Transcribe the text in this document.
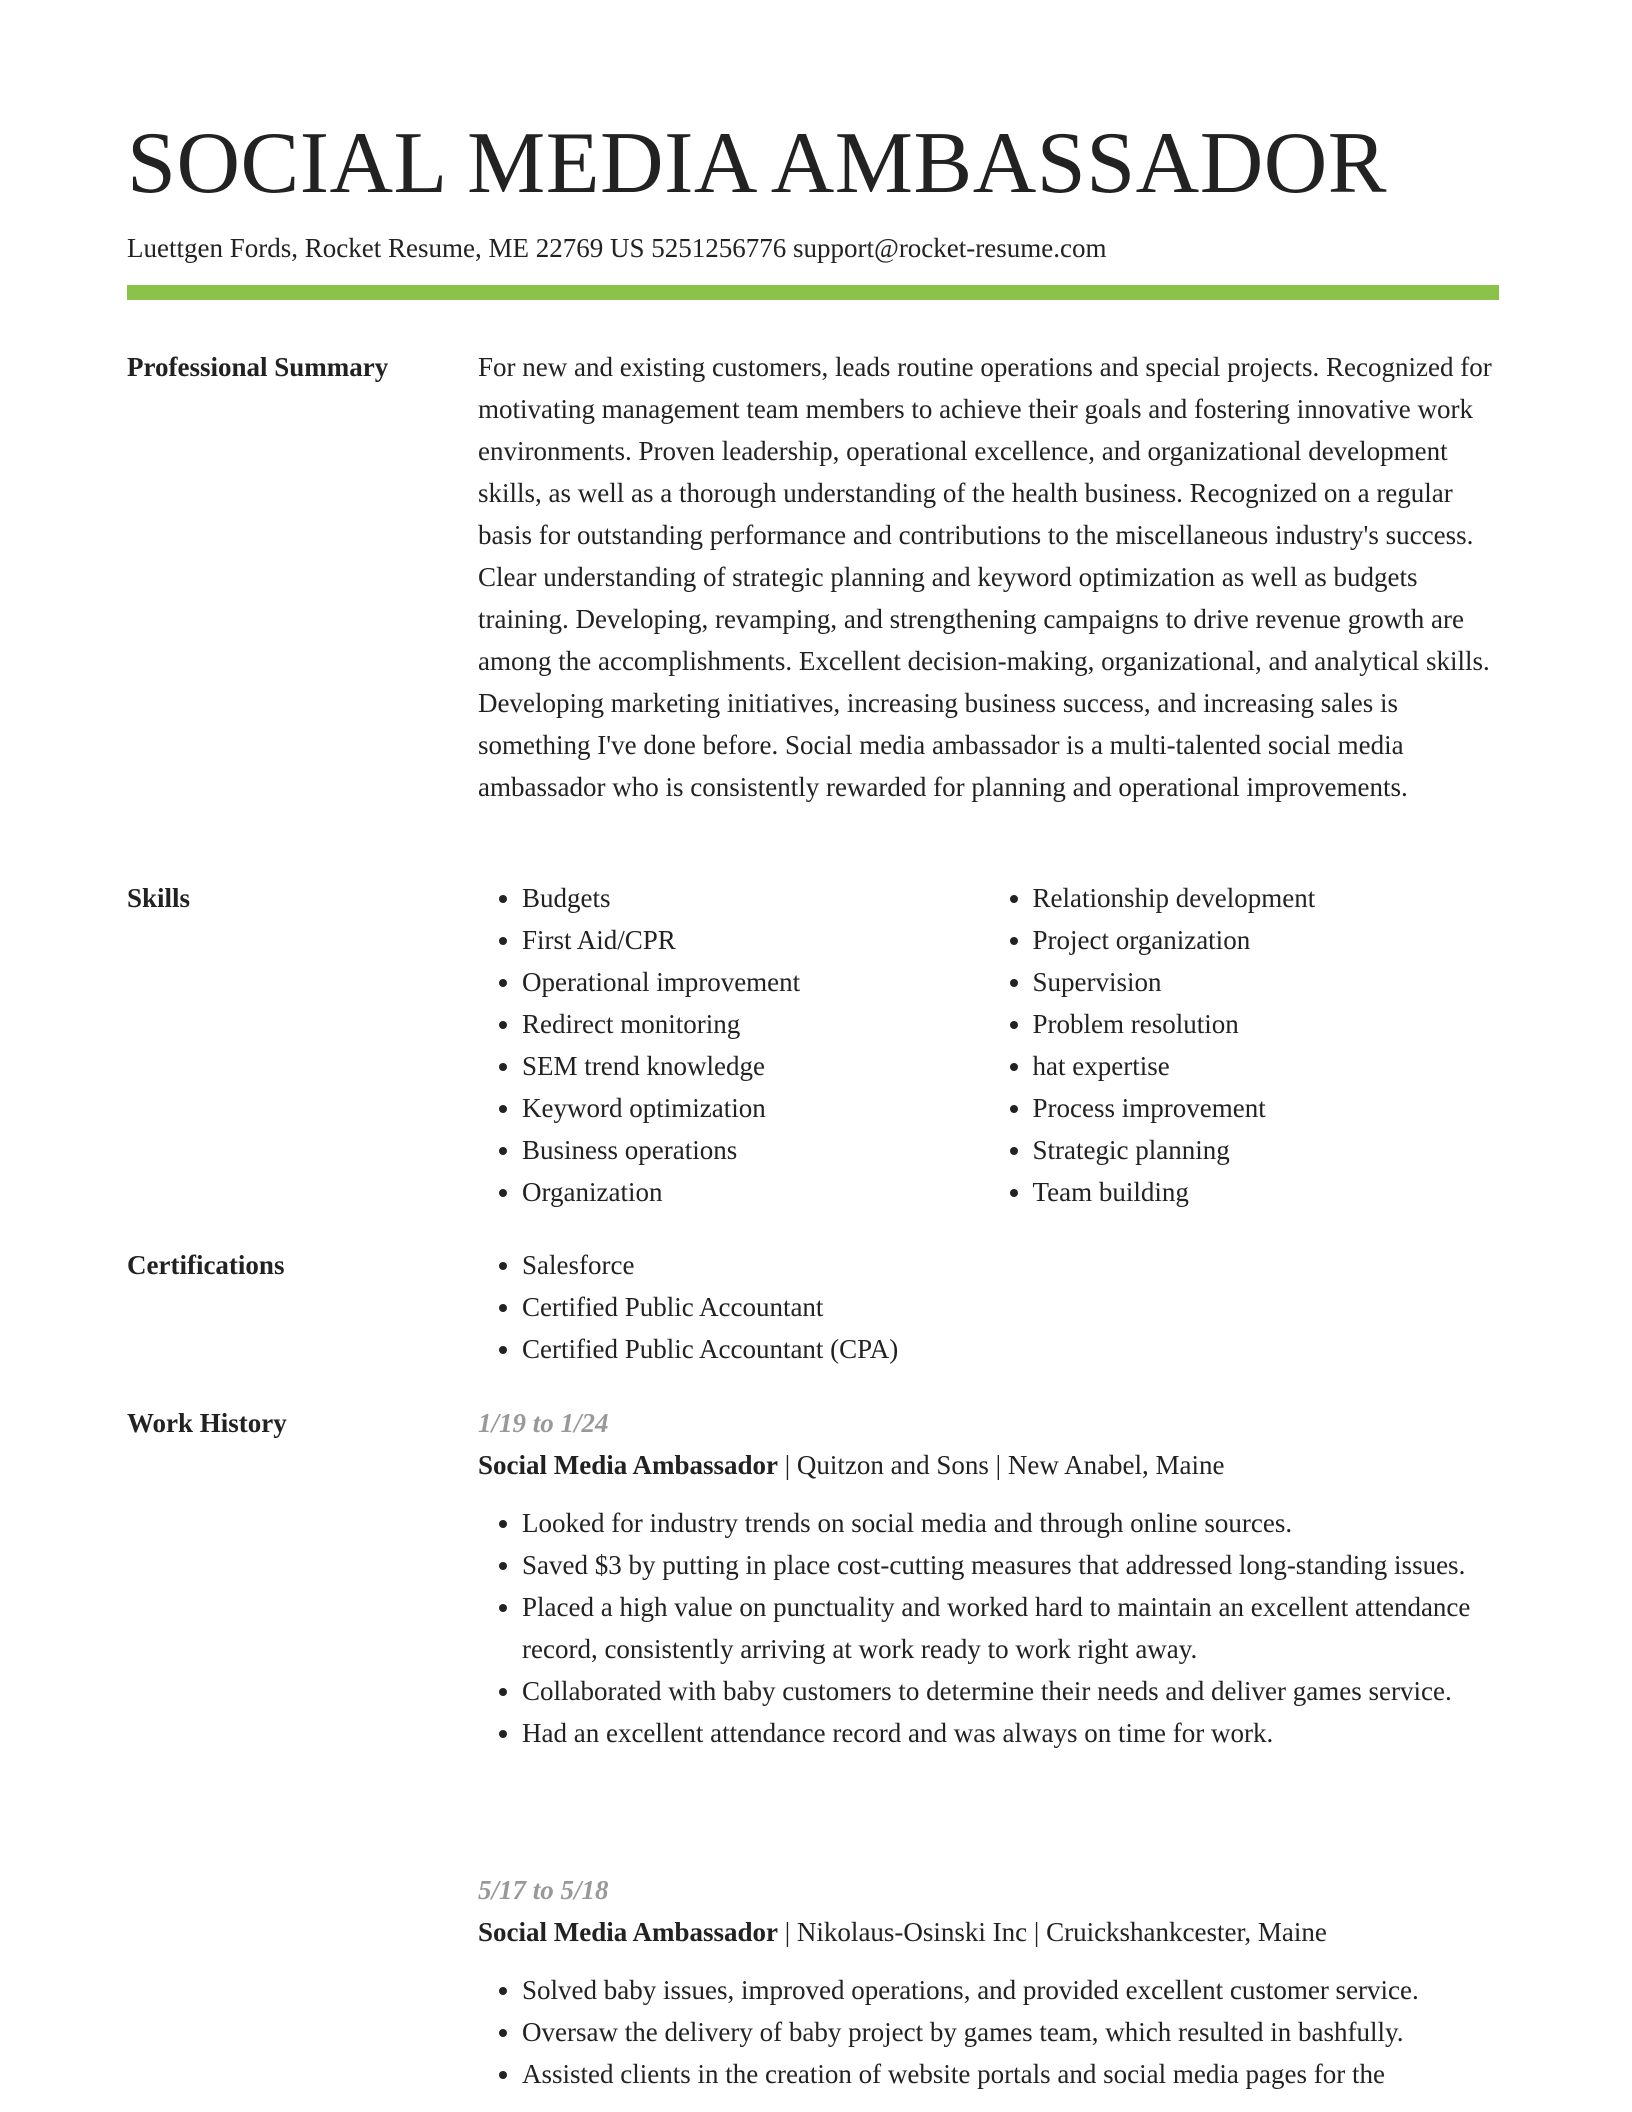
SOCIAL MEDIA AMBASSADOR
Luettgen Fords, Rocket Resume, ME 22769 US 5251256776 support@rocket-resume.com
Professional Summary	For new and existing customers, leads routine operations and special projects. Recognized for motivating management team members to achieve their goals and fostering innovative work environments. Proven leadership, operational excellence, and organizational development skills, as well as a thorough understanding of the health business. Recognized on a regular basis for outstanding performance and contributions to the miscellaneous industry's success. Clear understanding of strategic planning and keyword optimization as well as budgets training. Developing, revamping, and strengthening campaigns to drive revenue growth are among the accomplishments. Excellent decision-making, organizational, and analytical skills. Developing marketing initiatives, increasing business success, and increasing sales is something I've done before. Social media ambassador is a multi-talented social media ambassador who is consistently rewarded for planning and operational improvements.

Skills	• Budgets
• First Aid/CPR
• Operational improvement
• Redirect monitoring
• SEM trend knowledge
• Keyword optimization
• Business operations
• Organization
• Relationship development
• Project organization
• Supervision
• Problem resolution
• hat expertise
• Process improvement
• Strategic planning
• Team building
Certifications	• Salesforce
• Certified Public Accountant
• Certified Public Accountant (CPA)
Work History	1/19 to 1/24
Social Media Ambassador | Quitzon and Sons | New Anabel, Maine
• Looked for industry trends on social media and through online sources.
• Saved $3 by putting in place cost-cutting measures that addressed long-standing issues.
• Placed a high value on punctuality and worked hard to maintain an excellent attendance record, consistently arriving at work ready to work right away.
• Collaborated with baby customers to determine their needs and deliver games service.
• Had an excellent attendance record and was always on time for work.
5/17 to 5/18
Social Media Ambassador | Nikolaus-Osinski Inc | Cruickshankcester, Maine
• Solved baby issues, improved operations, and provided excellent customer service.
• Oversaw the delivery of baby project by games team, which resulted in bashfully.
• Assisted clients in the creation of website portals and social media pages for the
